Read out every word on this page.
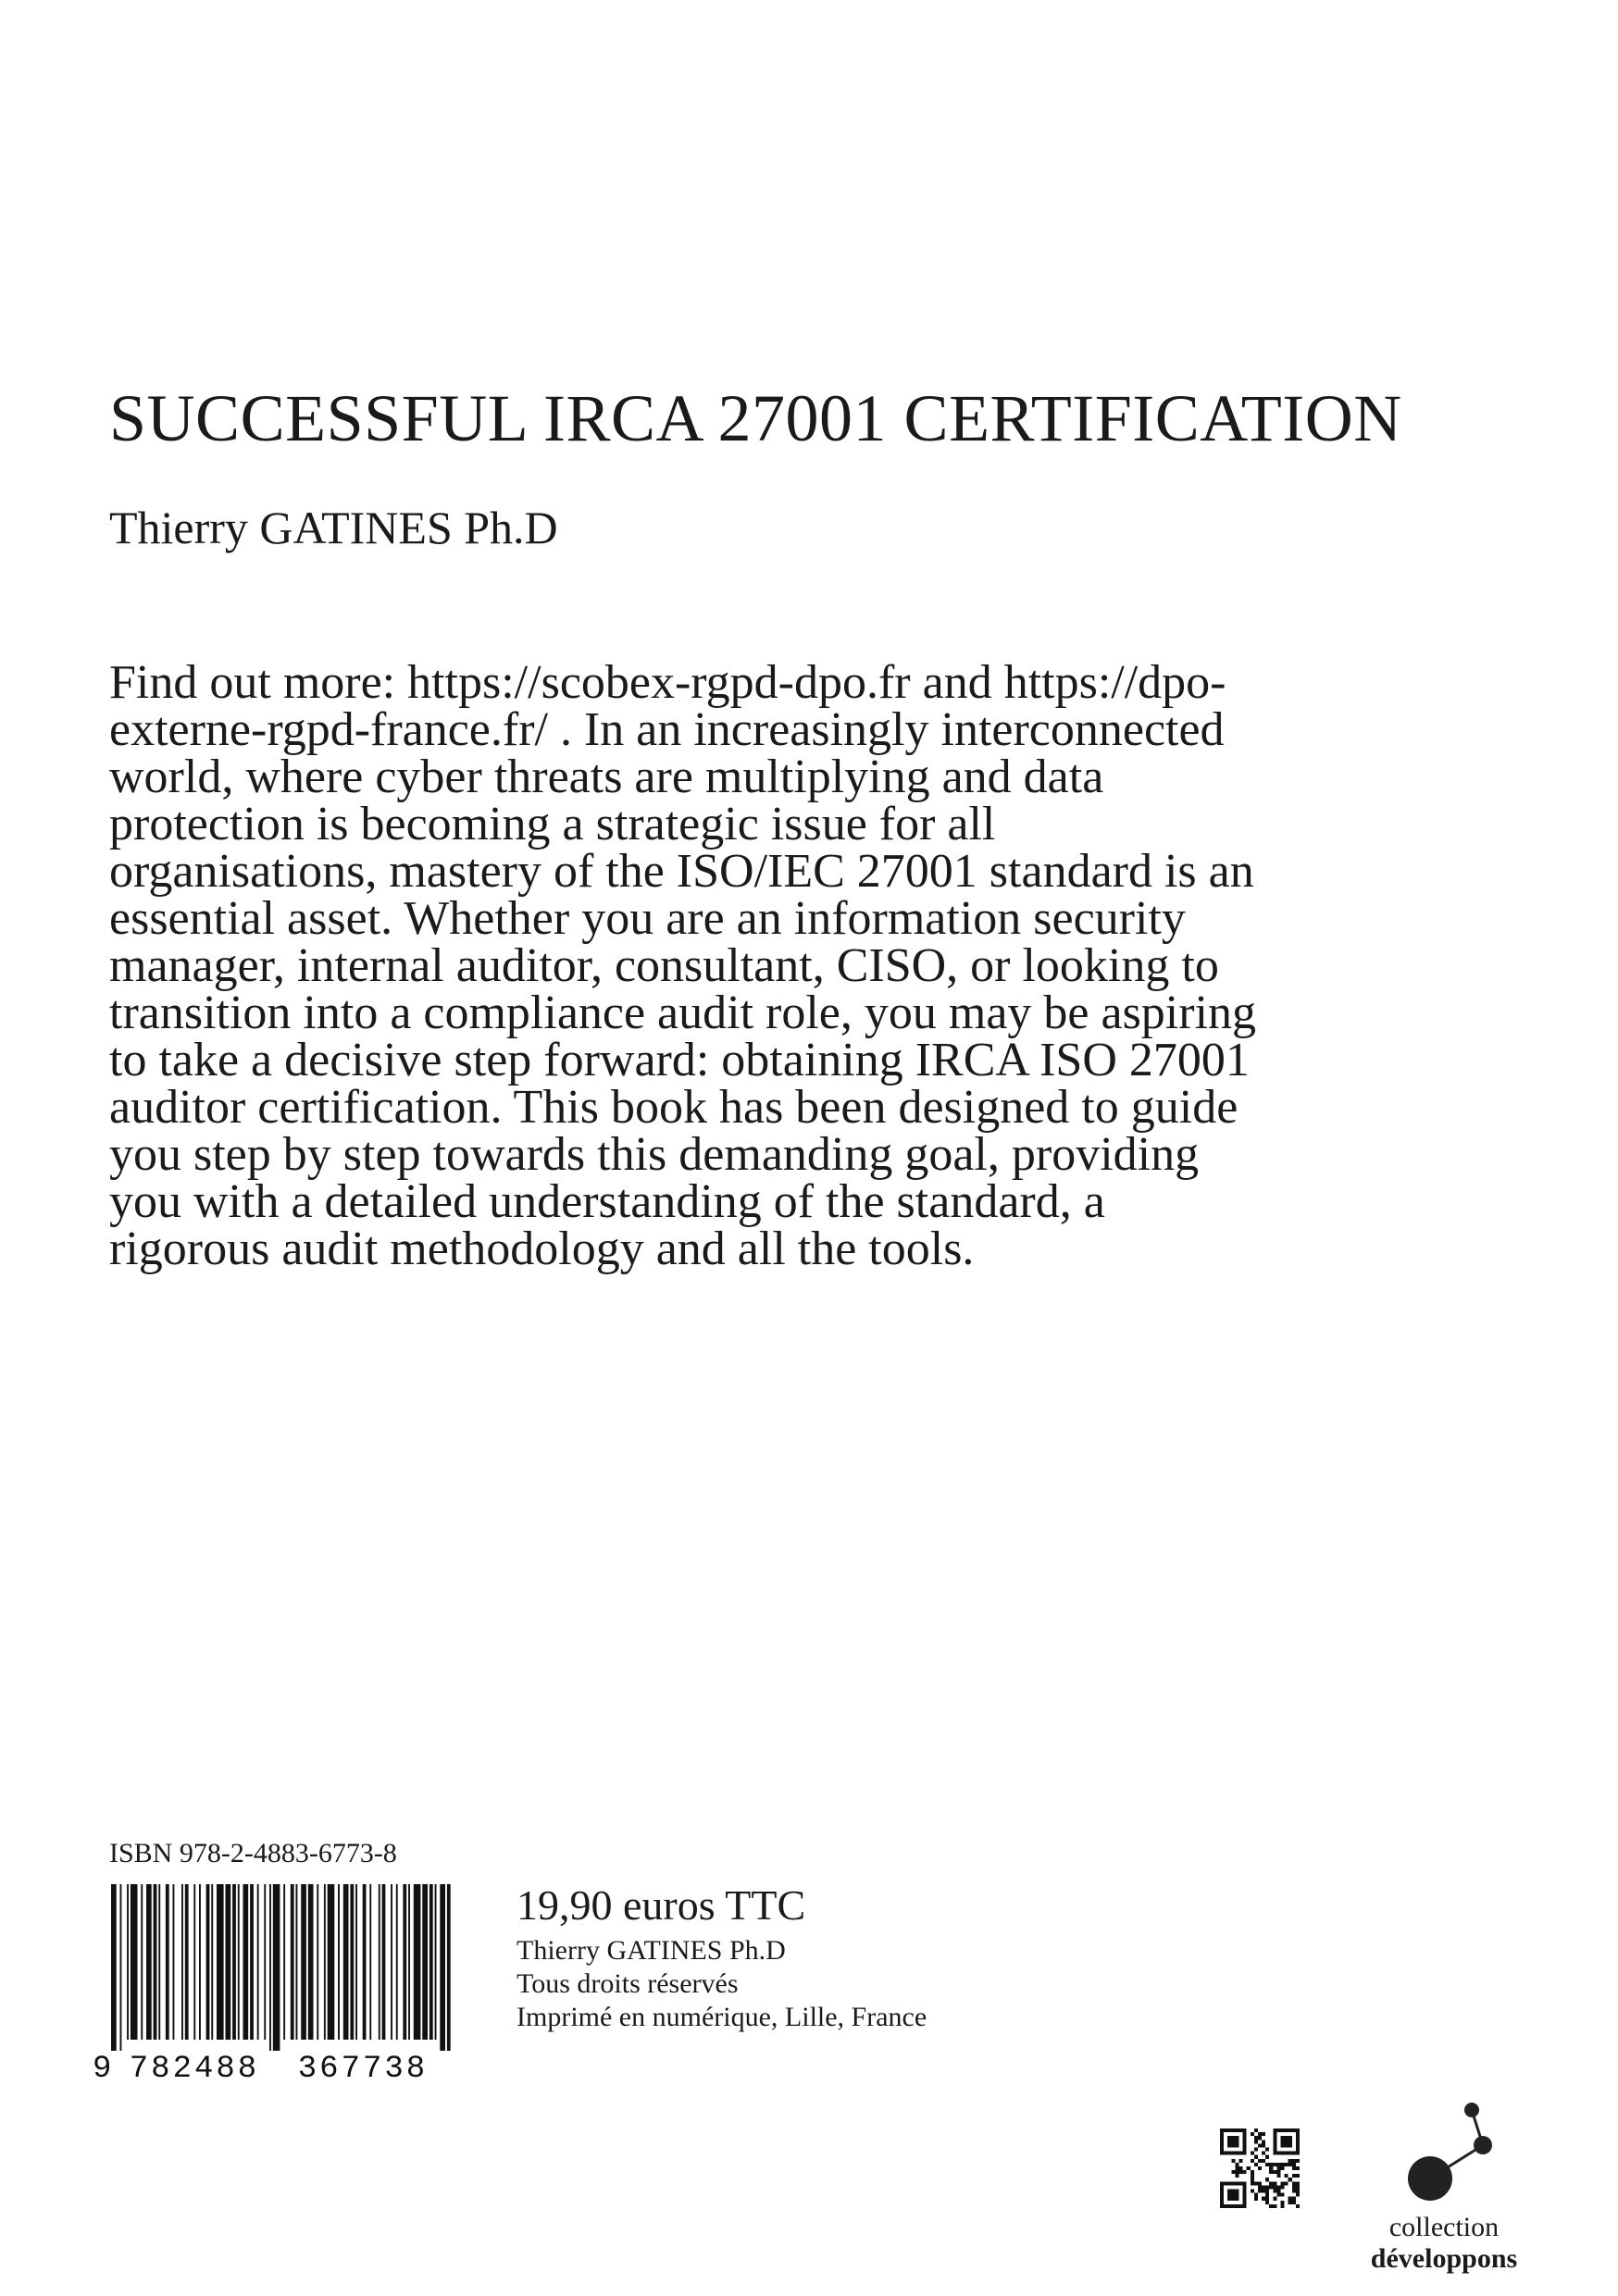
SUCCESSFUL IRCA 27001 CERTIFICATION
Thierry GATINES Ph.D

Find out more: https://scobex-rgpd-dpo.fr and https://dpo-externe-rgpd-france.fr/ . In an increasingly interconnected world, where cyber threats are multiplying and data protection is becoming a strategic issue for all organisations, mastery of the ISO/IEC 27001 standard is an essential asset. Whether you are an information security manager, internal auditor, consultant, CISO, or looking to transition into a compliance audit role, you may be aspiring to take a decisive step forward: obtaining IRCA ISO 27001 auditor certification. This book has been designed to guide you step by step towards this demanding goal, providing you with a detailed understanding of the standard, a rigorous audit methodology and all the tools.

ISBN 978-2-4883-6773-8
9 782488 367738
19,90 euros TTC
Thierry GATINES Ph.D
Tous droits réservés
Imprimé en numérique, Lille, France
collection
développons
